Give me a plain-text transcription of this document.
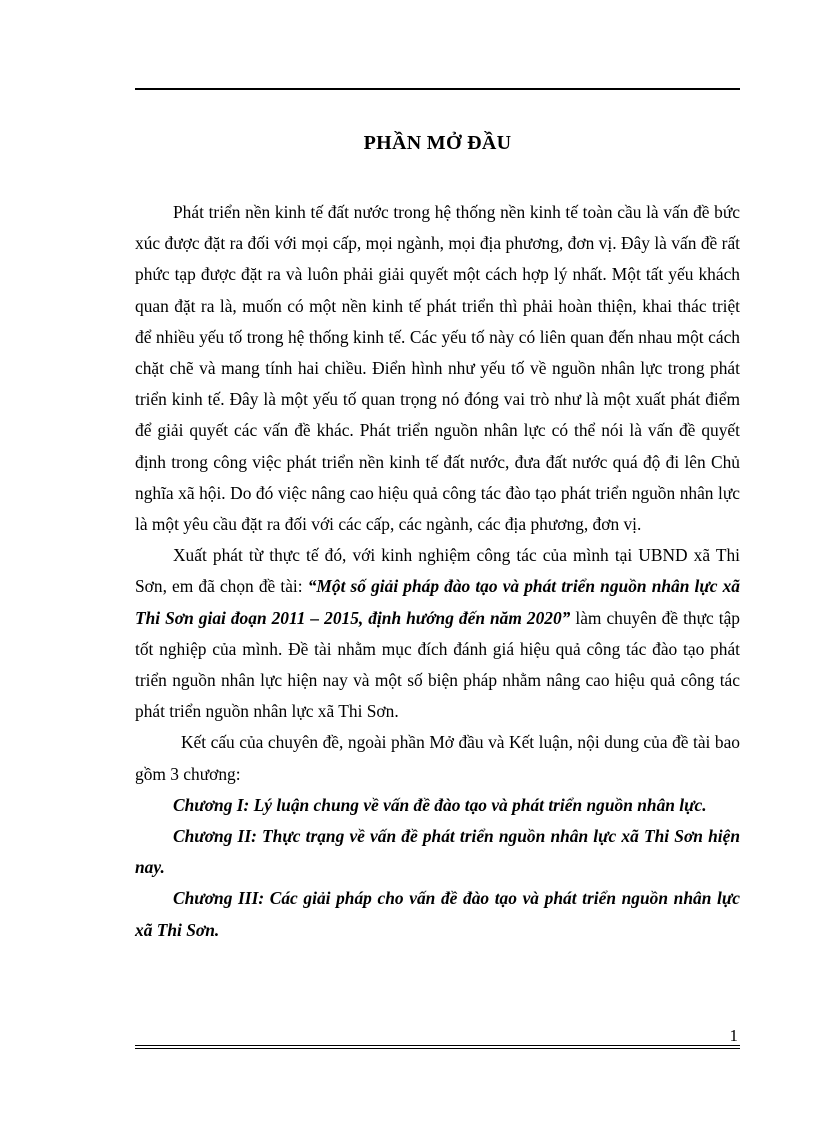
PHẦN MỞ ĐẦU

Phát triển nền kinh tế đất nước trong hệ thống nền kinh tế toàn cầu là vấn đề bức xúc được đặt ra đối với mọi cấp, mọi ngành, mọi địa phương, đơn vị. Đây là vấn đề rất phức tạp được đặt ra và luôn phải giải quyết một cách hợp lý nhất. Một tất yếu khách quan đặt ra là, muốn có một nền kinh tế phát triển thì phải hoàn thiện, khai thác triệt để nhiều yếu tố trong hệ thống kinh tế. Các yếu tố này có liên quan đến nhau một cách chặt chẽ và mang tính hai chiều. Điển hình như yếu tố về nguồn nhân lực trong phát triển kinh tế. Đây là một yếu tố quan trọng nó đóng vai trò như là một xuất phát điểm để giải quyết các vấn đề khác. Phát triển nguồn nhân lực có thể nói là vấn đề quyết định trong công việc phát triển nền kinh tế đất nước, đưa đất nước quá độ đi lên Chủ nghĩa xã hội. Do đó việc nâng cao hiệu quả công tác đào tạo phát triển nguồn nhân lực là một yêu cầu đặt ra đối với các cấp, các ngành, các địa phương, đơn vị.

Xuất phát từ thực tế đó, với kinh nghiệm công tác của mình tại UBND xã Thi Sơn, em đã chọn đề tài: “Một số giải pháp đào tạo và phát triển nguồn nhân lực xã Thi Sơn giai đoạn 2011 – 2015, định hướng đến năm 2020” làm chuyên đề thực tập tốt nghiệp của mình. Đề tài nhằm mục đích đánh giá hiệu quả công tác đào tạo phát triển nguồn nhân lực hiện nay và một số biện pháp nhằm nâng cao hiệu quả công tác phát triển nguồn nhân lực xã Thi Sơn.

Kết cấu của chuyên đề, ngoài phần Mở đầu và Kết luận, nội dung của đề tài bao gồm 3 chương:

Chương I: Lý luận chung về vấn đề đào tạo và phát triển nguồn nhân lực.

Chương II: Thực trạng về vấn đề phát triển nguồn nhân lực xã Thi Sơn hiện nay.

Chương III: Các giải pháp cho vấn đề đào tạo và phát triển nguồn nhân lực xã Thi Sơn.

1
